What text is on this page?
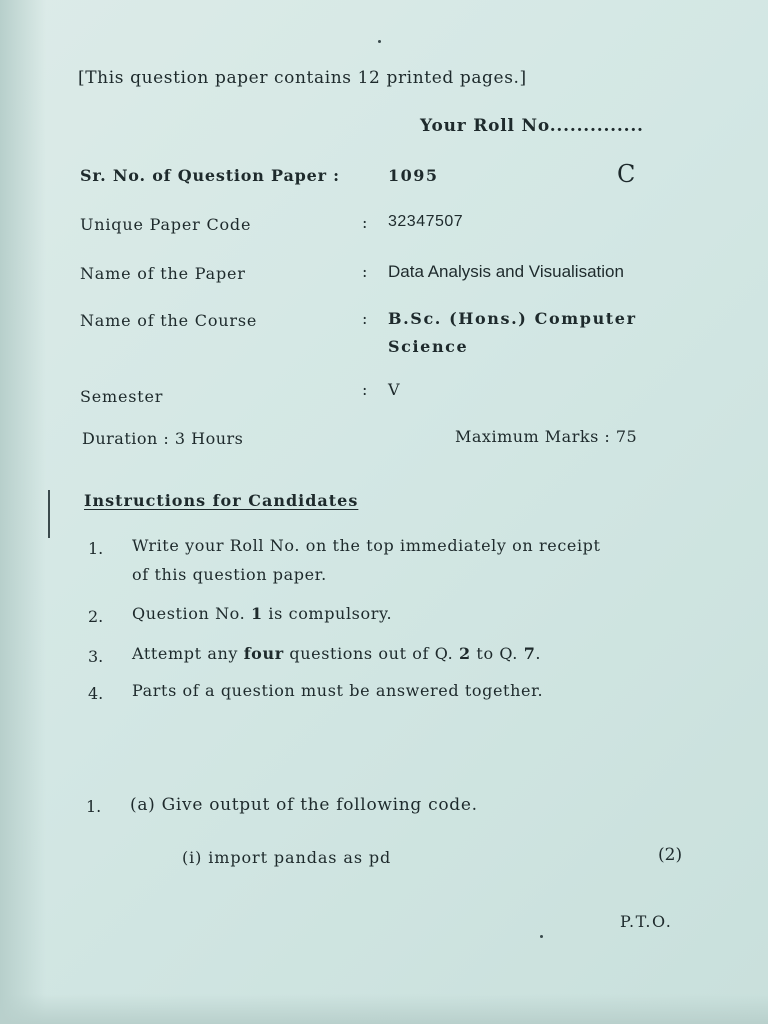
[This question paper contains 12 printed pages.]
Your Roll No..............
Sr. No. of Question Paper :	1095	C
Unique Paper Code	: 32347507
Name of the Paper	: Data Analysis and Visualisation
Name of the Course	: B.Sc. (Hons.) Computer
Science
Semester	: V
Duration : 3 Hours	Maximum Marks : 75
Instructions for Candidates
1. Write your Roll No. on the top immediately on receipt
of this question paper.
2. Question No. 1 is compulsory.
3. Attempt any four questions out of Q. 2 to Q. 7.
4. Parts of a question must be answered together.
1. (a) Give output of the following code.
(i) import pandas as pd	(2)
P.T.O.
